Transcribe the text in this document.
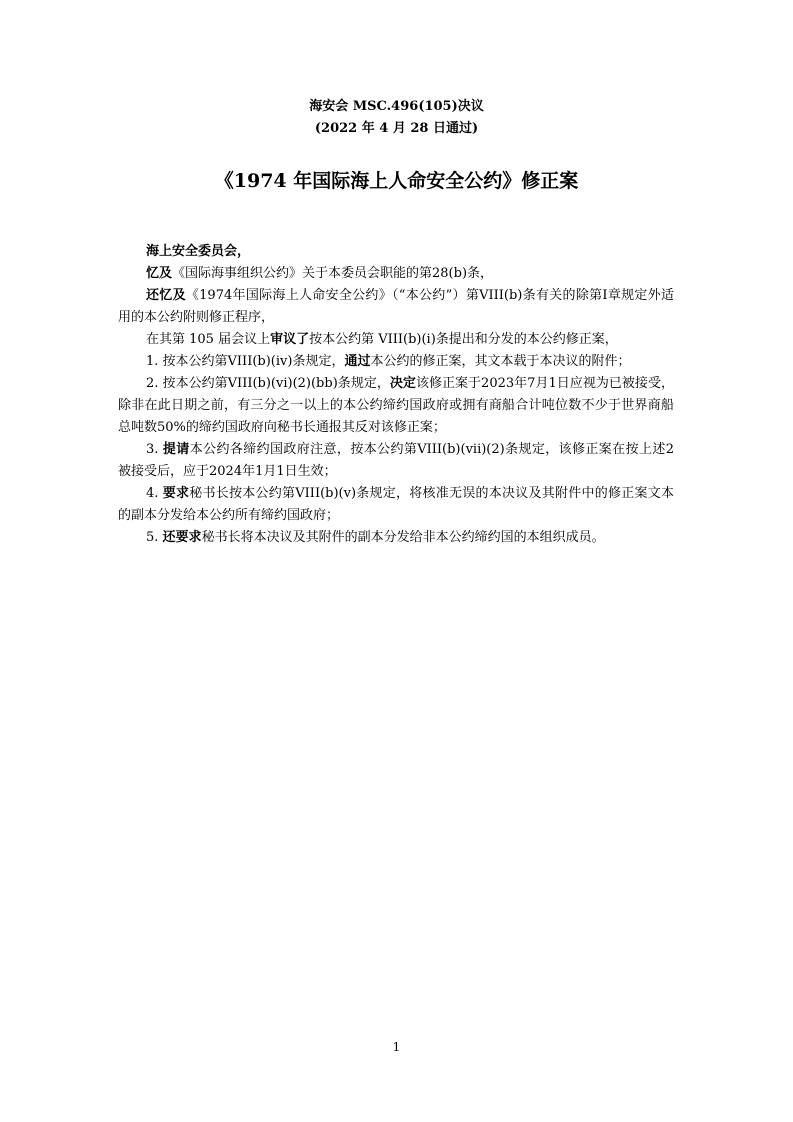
海安会 MSC.496(105)决议
(2022 年 4 月 28 日通过)
《1974 年国际海上人命安全公约》修正案

海上安全委员会，

忆及《国际海事组织公约》关于本委员会职能的第28(b)条，

还忆及《1974年国际海上人命安全公约》（“本公约”）第VIII(b)条有关的除第I章规定外适用的本公约附则修正程序，

在其第 105 届会议上审议了按本公约第 VIII(b)(i)条提出和分发的本公约修正案，

1. 按本公约第VIII(b)(iv)条规定，通过本公约的修正案，其文本载于本决议的附件；

2. 按本公约第VIII(b)(vi)(2)(bb)条规定，决定该修正案于2023年7月1日应视为已被接受，除非在此日期之前，有三分之一以上的本公约缔约国政府或拥有商船合计吨位数不少于世界商船总吨数50%的缔约国政府向秘书长通报其反对该修正案；

3. 提请本公约各缔约国政府注意，按本公约第VIII(b)(vii)(2)条规定，该修正案在按上述2被接受后，应于2024年1月1日生效；

4. 要求秘书长按本公约第VIII(b)(v)条规定，将核准无误的本决议及其附件中的修正案文本的副本分发给本公约所有缔约国政府；

5. 还要求秘书长将本决议及其附件的副本分发给非本公约缔约国的本组织成员。

1
